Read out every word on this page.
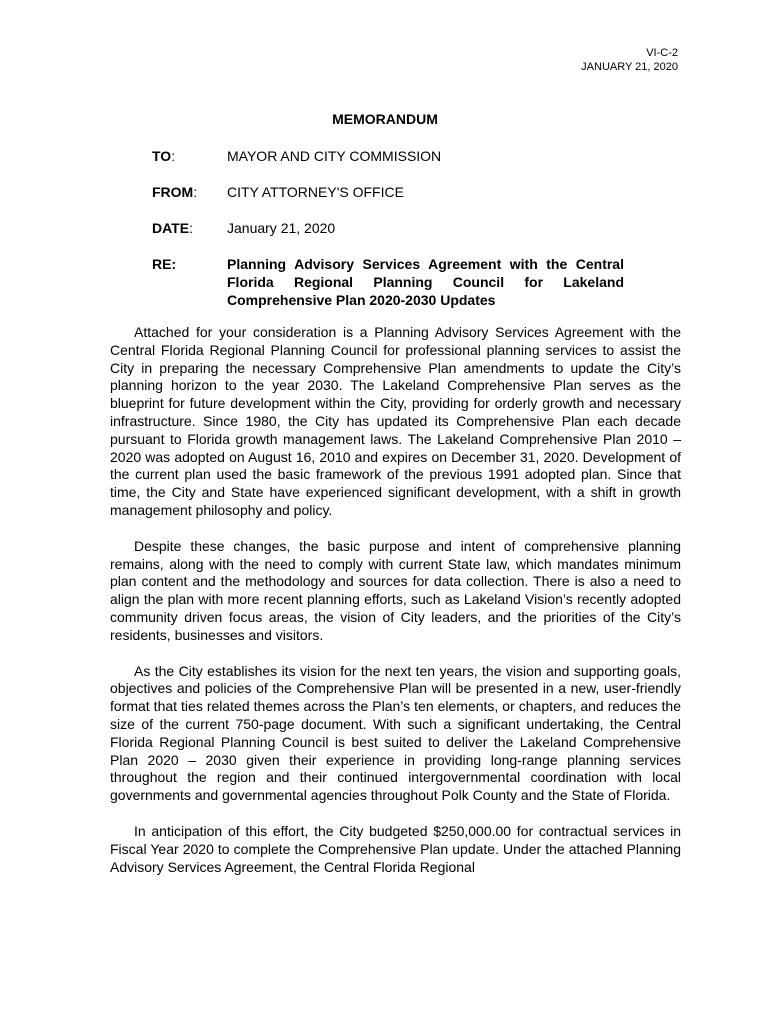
VI-C-2
JANUARY 21, 2020
MEMORANDUM
TO:	MAYOR AND CITY COMMISSION
FROM:	CITY ATTORNEY'S OFFICE
DATE:	January 21, 2020
RE:	Planning Advisory Services Agreement with the Central Florida Regional Planning Council for Lakeland Comprehensive Plan 2020-2030 Updates

Attached for your consideration is a Planning Advisory Services Agreement with the Central Florida Regional Planning Council for professional planning services to assist the City in preparing the necessary Comprehensive Plan amendments to update the City’s planning horizon to the year 2030. The Lakeland Comprehensive Plan serves as the blueprint for future development within the City, providing for orderly growth and necessary infrastructure. Since 1980, the City has updated its Comprehensive Plan each decade pursuant to Florida growth management laws. The Lakeland Comprehensive Plan 2010 – 2020 was adopted on August 16, 2010 and expires on December 31, 2020. Development of the current plan used the basic framework of the previous 1991 adopted plan. Since that time, the City and State have experienced significant development, with a shift in growth management philosophy and policy.

Despite these changes, the basic purpose and intent of comprehensive planning remains, along with the need to comply with current State law, which mandates minimum plan content and the methodology and sources for data collection. There is also a need to align the plan with more recent planning efforts, such as Lakeland Vision’s recently adopted community driven focus areas, the vision of City leaders, and the priorities of the City’s residents, businesses and visitors.

As the City establishes its vision for the next ten years, the vision and supporting goals, objectives and policies of the Comprehensive Plan will be presented in a new, user-friendly format that ties related themes across the Plan’s ten elements, or chapters, and reduces the size of the current 750-page document. With such a significant undertaking, the Central Florida Regional Planning Council is best suited to deliver the Lakeland Comprehensive Plan 2020 – 2030 given their experience in providing long-range planning services throughout the region and their continued intergovernmental coordination with local governments and governmental agencies throughout Polk County and the State of Florida.

In anticipation of this effort, the City budgeted $250,000.00 for contractual services in Fiscal Year 2020 to complete the Comprehensive Plan update. Under the attached Planning Advisory Services Agreement, the Central Florida Regional
